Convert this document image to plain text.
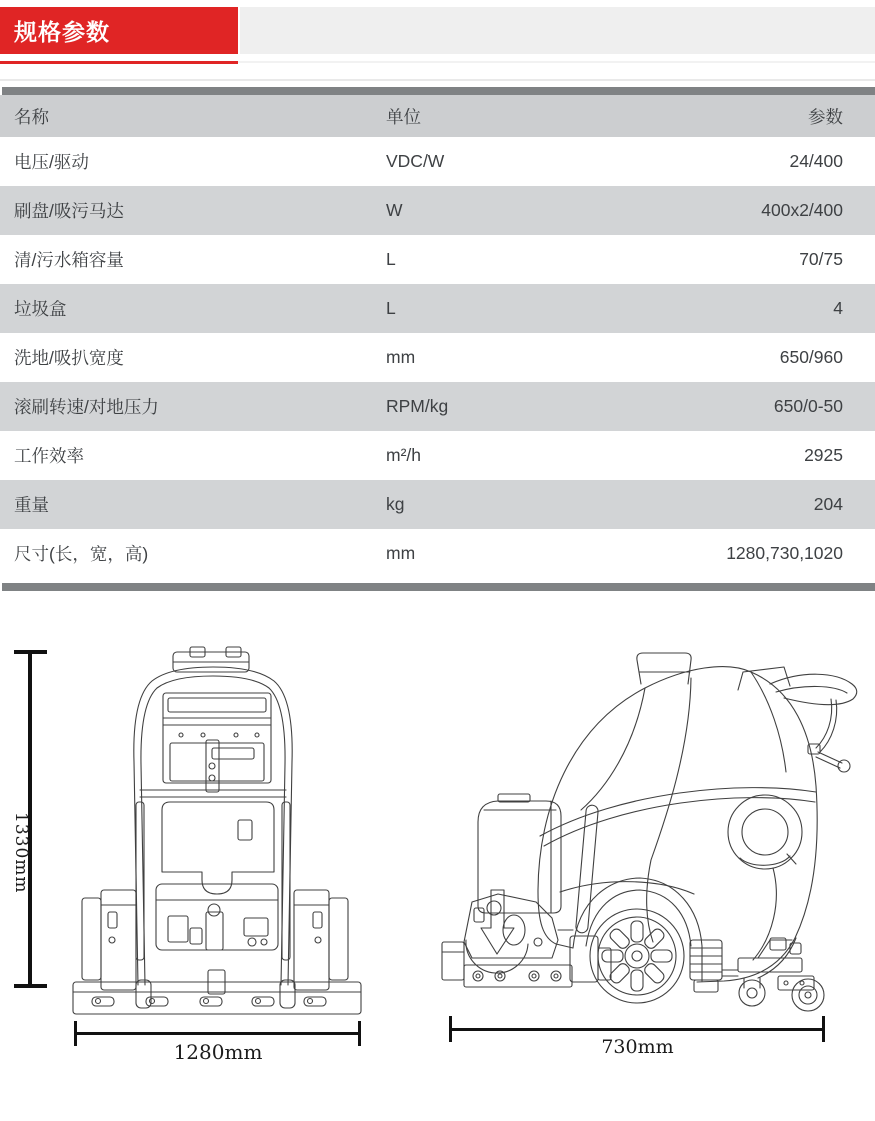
规格参数
名称	单位	参数
电压/驱动	VDC/W	24/400
刷盘/吸污马达	W	400x2/400
清/污水箱容量	L	70/75
垃圾盒	L	4
洗地/吸扒宽度	mm	650/960
滚刷转速/对地压力	RPM/kg	650/0-50
工作效率	m²/h	2925
重量	kg	204
尺寸(长，宽，高)	mm	1280,730,1020
1330mm
1280mm	730mm
